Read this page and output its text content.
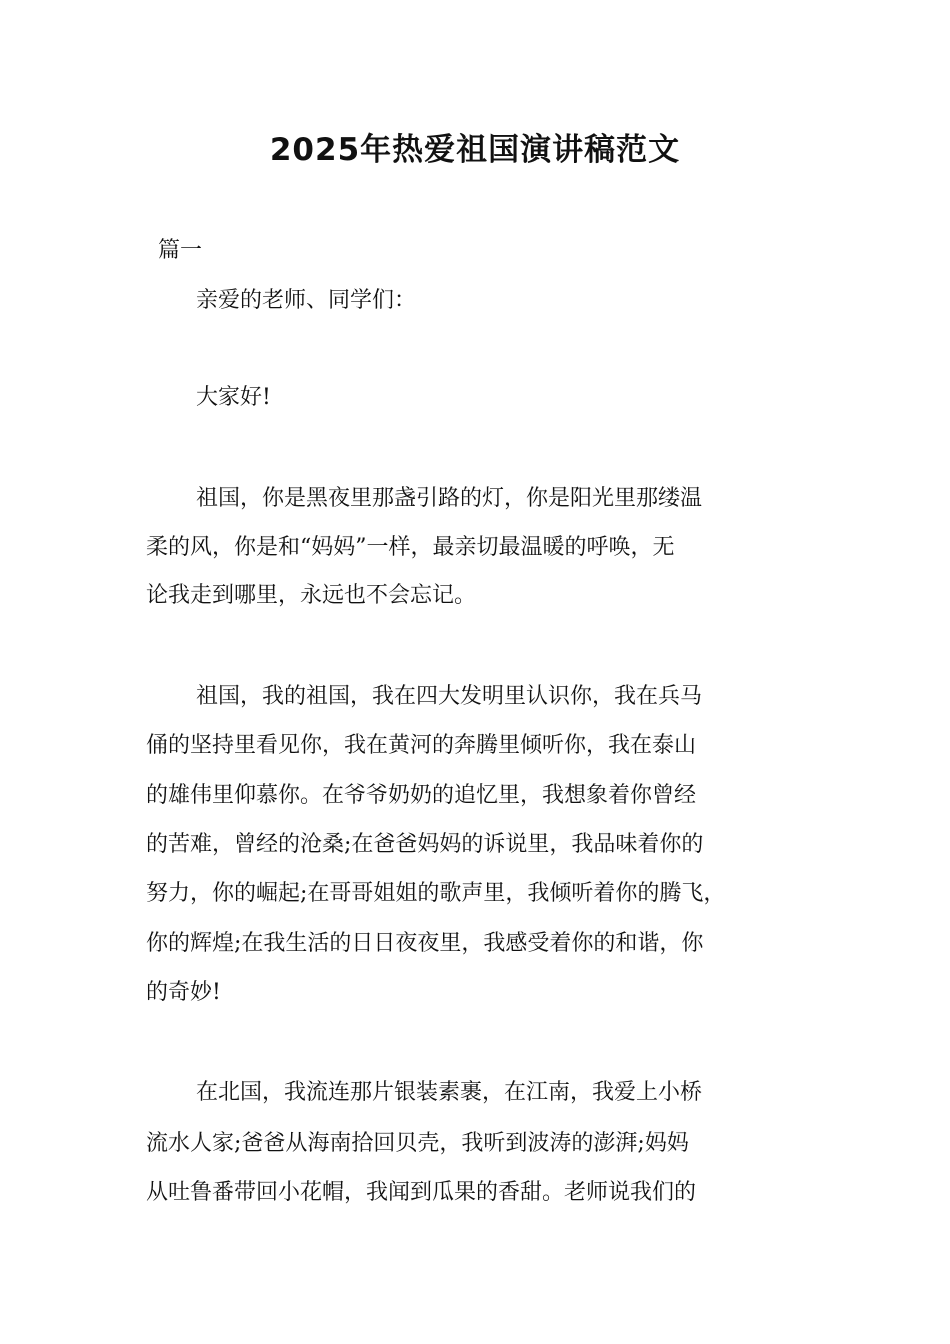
2025年热爱祖国演讲稿范文

篇一

亲爱的老师、同学们：

大家好!

祖国，你是黑夜里那盏引路的灯，你是阳光里那缕温

柔的风，你是和“妈妈”一样，最亲切最温暖的呼唤，无

论我走到哪里，永远也不会忘记。

祖国，我的祖国，我在四大发明里认识你，我在兵马

俑的坚持里看见你，我在黄河的奔腾里倾听你，我在泰山

的雄伟里仰慕你。在爷爷奶奶的追忆里，我想象着你曾经

的苦难，曾经的沧桑;在爸爸妈妈的诉说里，我品味着你的

努力，你的崛起;在哥哥姐姐的歌声里，我倾听着你的腾飞，

你的辉煌;在我生活的日日夜夜里，我感受着你的和谐，你

的奇妙!

在北国，我流连那片银装素裹，在江南，我爱上小桥

流水人家;爸爸从海南拾回贝壳，我听到波涛的澎湃;妈妈

从吐鲁番带回小花帽，我闻到瓜果的香甜。老师说我们的
